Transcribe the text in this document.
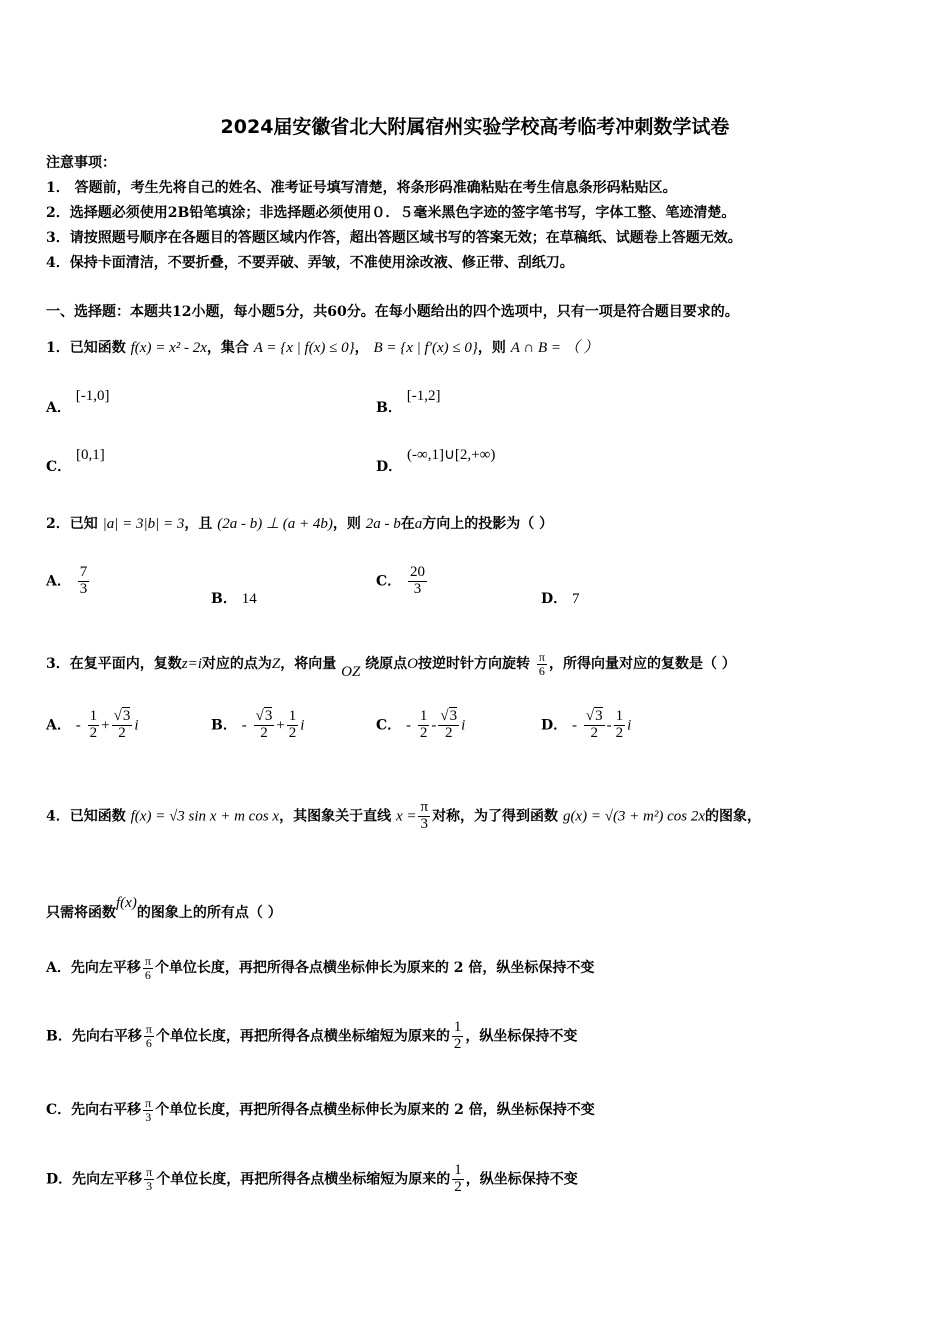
2024届安徽省北大附属宿州实验学校高考临考冲刺数学试卷
注意事项：
1． 答题前，考生先将自己的姓名、准考证号填写清楚，将条形码准确粘贴在考生信息条形码粘贴区。
2．选择题必须使用2B铅笔填涂；非选择题必须使用０．５毫米黑色字迹的签字笔书写，字体工整、笔迹清楚。
3．请按照题号顺序在各题目的答题区域内作答，超出答题区域书写的答案无效；在草稿纸、试题卷上答题无效。
4．保持卡面清洁，不要折叠，不要弄破、弄皱，不准使用涂改液、修正带、刮纸刀。
一、选择题：本题共12小题，每小题5分，共60分。在每小题给出的四个选项中，只有一项是符合题目要求的。
1．已知函数 f(x) = x² - 2x，集合 A = {x | f(x) ≤ 0}， B = {x | f′(x) ≤ 0}，则 A ∩ B = （ ）
A． [-1,0]
B． [-1,2]
C． [0,1]
D． (-∞,1]∪[2,+∞)
2．已知 |a| = 3|b| = 3，且 (2a - b) ⊥ (a + 4b)，则 2a - b在a方向上的投影为（ ）
A． $\frac{7}{3}$
B． 14
C． $\frac{20}{3}$
D． 7
3．在复平面内，复数z=i对应的点为Z，将向量 OZ 绕原点O按逆时针方向旋转 $\frac{\pi}{6}$ ，所得向量对应的复数是（ ）
A． - $\frac{1}{2} + \frac{√3}{2}$ i	B． - $\frac{√3}{2} + \frac{1}{2}$ i	C． - $\frac{1}{2} - \frac{√3}{2}$ i	D． - $\frac{√3}{2} - \frac{1}{2}$ i
4．已知函数 f(x) = √3 sin x + m cos x，其图象关于直线 $x = \frac{\pi}{3}$ 对称，为了得到函数 g(x) = √(3 + m²) cos 2x的图象，
只需将函数f(x)的图象上的所有点（ ）
A．先向左平移 $\frac{\pi}{6}$ 个单位长度，再把所得各点横坐标伸长为原来的 2 倍，纵坐标保持不变
B．先向右平移 $\frac{\pi}{6}$ 个单位长度，再把所得各点横坐标缩短为原来的 $\frac{1}{2}$ ，纵坐标保持不变
C．先向右平移 $\frac{\pi}{3}$ 个单位长度，再把所得各点横坐标伸长为原来的 2 倍，纵坐标保持不变
D．先向左平移 $\frac{\pi}{3}$ 个单位长度，再把所得各点横坐标缩短为原来的 $\frac{1}{2}$ ，纵坐标保持不变
